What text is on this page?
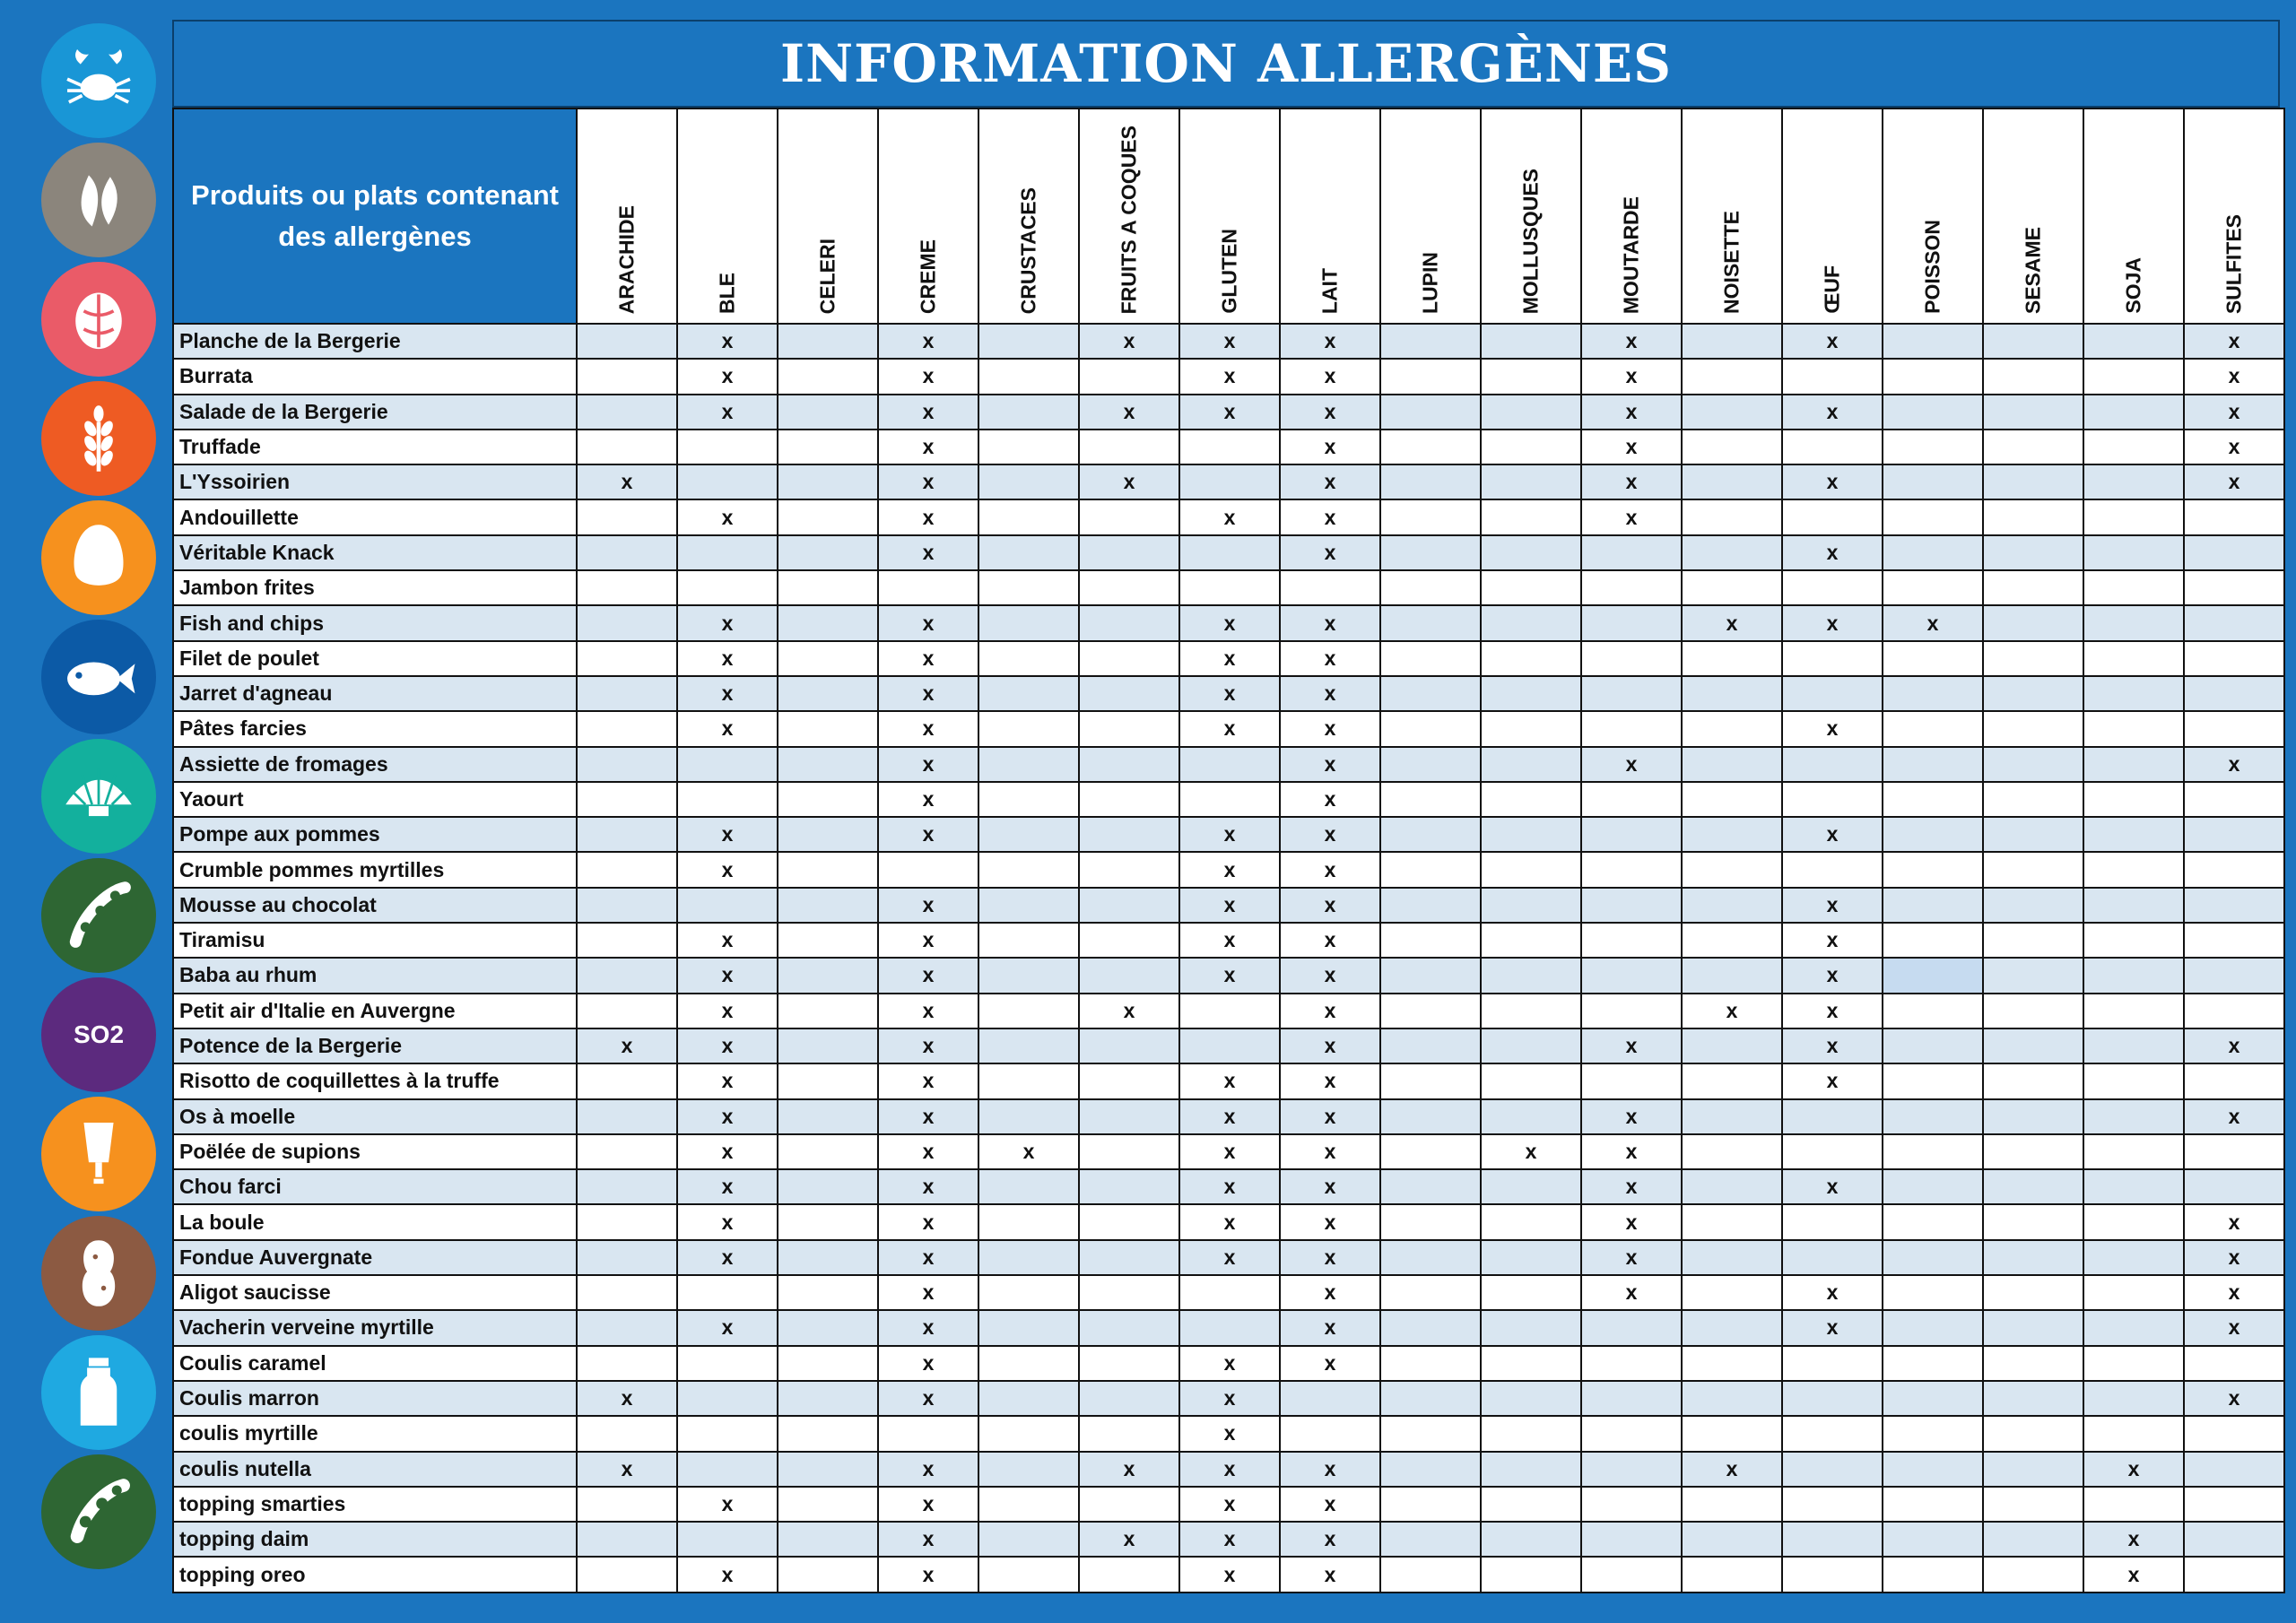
SO2
INFORMATION ALLERGÈNES
Produits ou plats contenant des allergènes	ARACHIDE	BLE	CELERI	CREME	CRUSTACES	FRUITS A COQUES	GLUTEN	LAIT	LUPIN	MOLLUSQUES	MOUTARDE	NOISETTE	ŒUF	POISSON	SESAME	SOJA	SULFITES

Planche de la Bergerie		x		x		x	x	x			x		x				x
Burrata		x		x			x	x			x						x
Salade de la Bergerie		x		x		x	x	x			x		x				x
Truffade				x				x			x						x
L'Yssoirien	x			x		x		x			x		x				x
Andouillette		x		x			x	x			x						
Véritable Knack				x				x					x				
Jambon frites																	
Fish and chips		x		x			x	x				x	x	x			
Filet de poulet		x		x			x	x									
Jarret d'agneau		x		x			x	x									
Pâtes farcies		x		x			x	x					x				
Assiette de fromages				x				x			x						x
Yaourt				x				x									
Pompe aux pommes		x		x			x	x					x				
Crumble pommes myrtilles		x					x	x									
Mousse au chocolat				x			x	x					x				
Tiramisu		x		x			x	x					x				
Baba au rhum		x		x			x	x					x				
Petit air d'Italie en Auvergne		x		x		x		x				x	x				
Potence de la Bergerie	x	x		x				x			x		x				x
Risotto de coquillettes à la truffe		x		x			x	x					x				
Os à moelle		x		x			x	x			x						x
Poëlée de supions		x		x	x		x	x		x	x						
Chou farci		x		x			x	x			x		x				
La boule		x		x			x	x			x						x
Fondue Auvergnate		x		x			x	x			x						x
Aligot saucisse				x				x			x		x				x
Vacherin verveine myrtille		x		x				x					x				x
Coulis caramel				x			x	x									
Coulis marron	x			x			x										x
coulis myrtille							x										
coulis nutella	x			x		x	x	x				x				x	
topping smarties		x		x			x	x									
topping daim				x		x	x	x								x	
topping oreo		x		x			x	x								x	
